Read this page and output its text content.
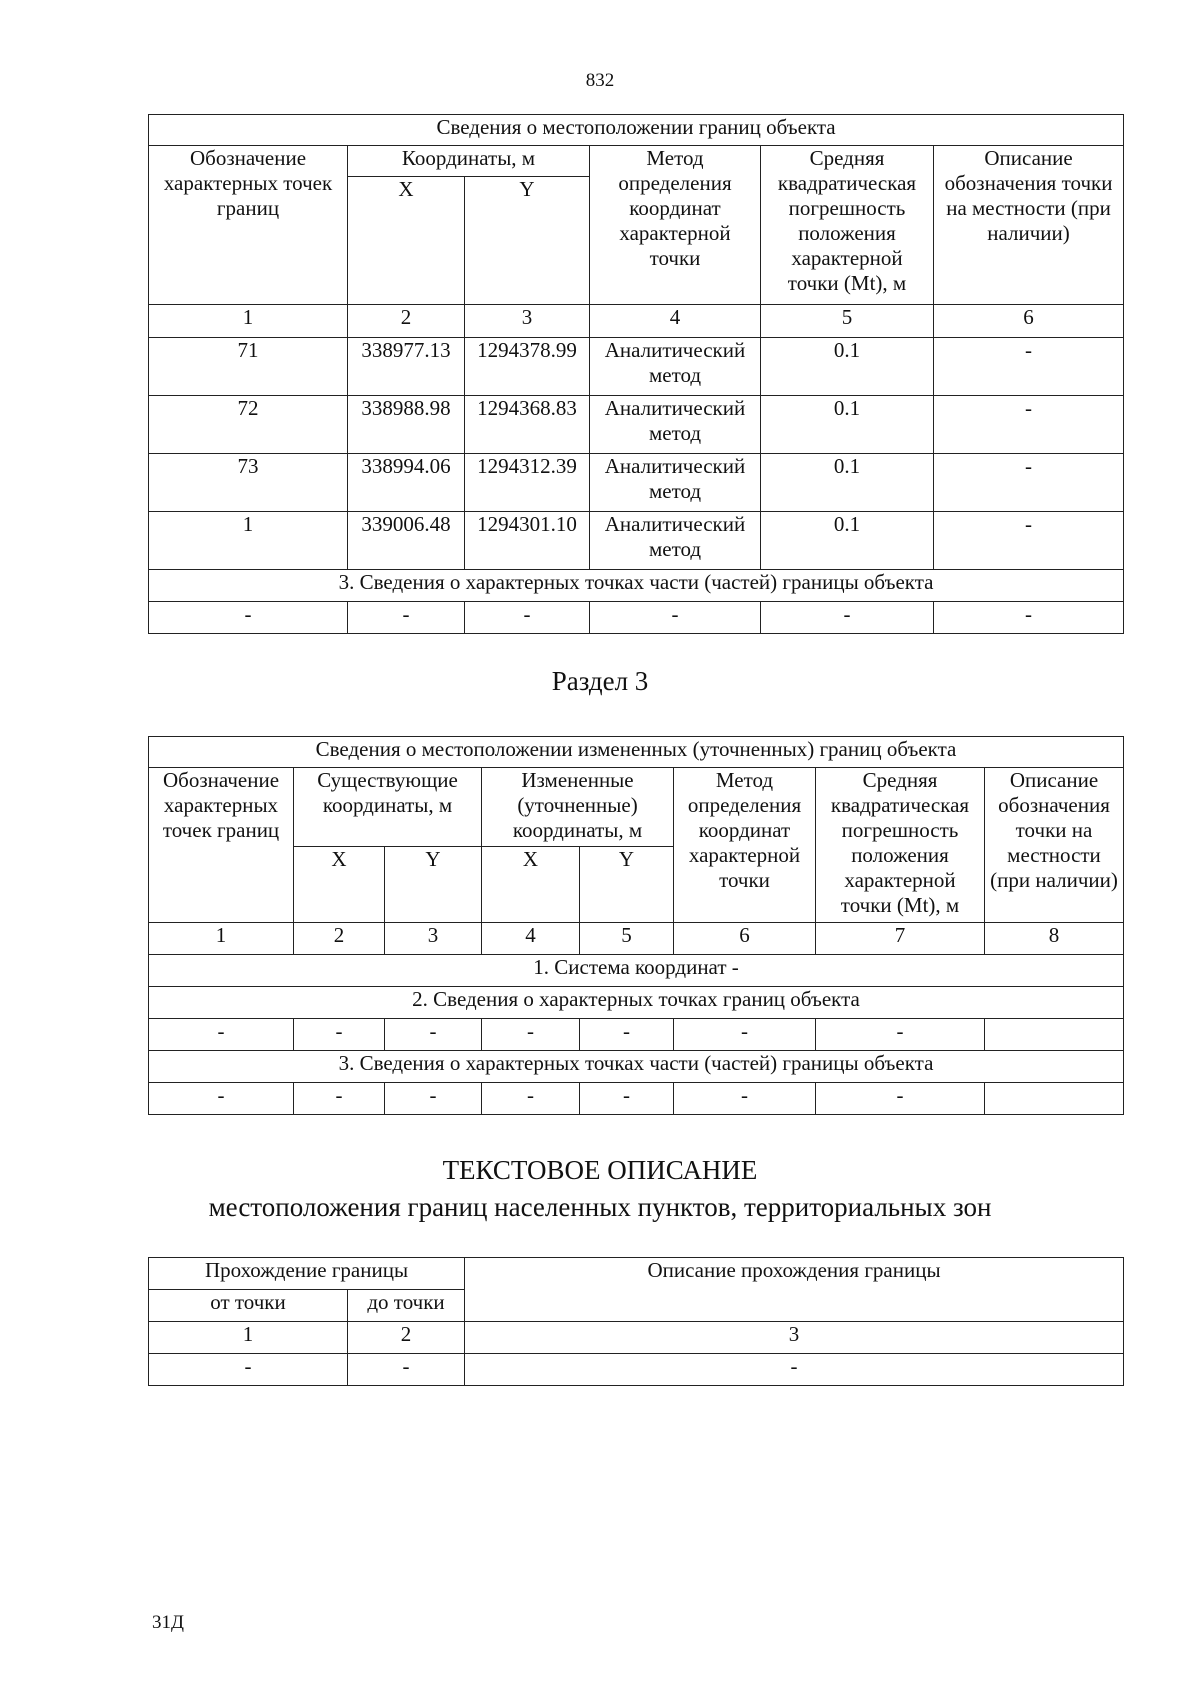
832
Сведения о местоположении границ объекта					
Обозначение характерных точек границ	Координаты, м		Метод определения координат характерной точки	Средняя квадратическая погрешность положения характерной точки (Mt), м	Описание обозначения точки на местности (при наличии)
	X	Y			
1	2	3	4	5	6
71	338977.13	1294378.99	Аналитический метод	0.1	-
72	338988.98	1294368.83	Аналитический метод	0.1	-
73	338994.06	1294312.39	Аналитический метод	0.1	-
1	339006.48	1294301.10	Аналитический метод	0.1	-
3. Сведения о характерных точках части (частей) границы объекта					
-	-	-	-	-	-
Раздел 3
Сведения о местоположении измененных (уточненных) границ объекта							
Обозначение характерных точек границ	Существующие координаты, м		Измененные (уточненные) координаты, м		Метод определения координат характерной точки	Средняя квадратическая погрешность положения характерной точки (Mt), м	Описание обозначения точки на местности (при наличии)
	X	Y	X	Y			
1	2	3	4	5	6	7	8
1. Система координат -							
2. Сведения о характерных точках границ объекта							
-	-	-	-	-	-	-	
3. Сведения о характерных точках части (частей) границы объекта							
-	-	-	-	-	-	-	
ТЕКСТОВОЕ ОПИСАНИЕ
местоположения границ населенных пунктов, территориальных зон
Прохождение границы		Описание прохождения границы
от точки	до точки	
1	2	3
-	-	-
31Д
